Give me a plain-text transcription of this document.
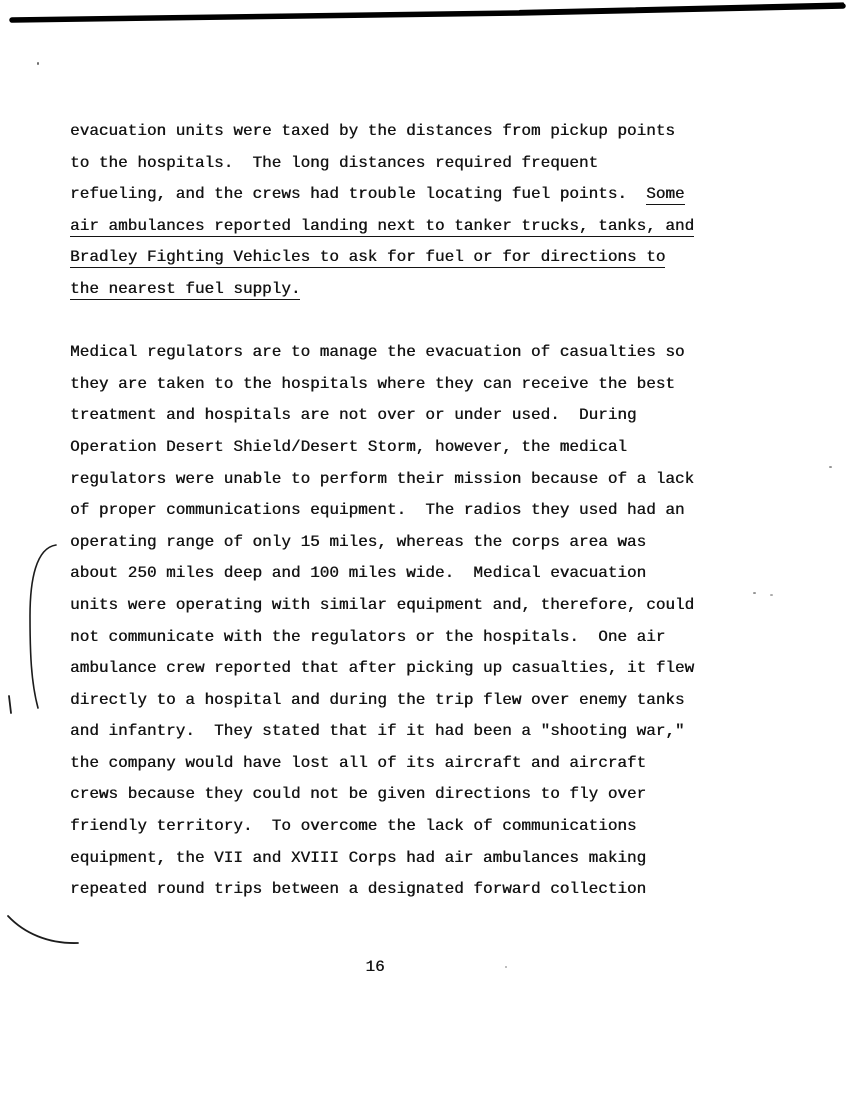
evacuation units were taxed by the distances from pickup points
to the hospitals.  The long distances required frequent
refueling, and the crews had trouble locating fuel points.  Some
air ambulances reported landing next to tanker trucks, tanks, and
Bradley Fighting Vehicles to ask for fuel or for directions to
the nearest fuel supply.
Medical regulators are to manage the evacuation of casualties so
they are taken to the hospitals where they can receive the best
treatment and hospitals are not over or under used.  During
Operation Desert Shield/Desert Storm, however, the medical
regulators were unable to perform their mission because of a lack
of proper communications equipment.  The radios they used had an
operating range of only 15 miles, whereas the corps area was
about 250 miles deep and 100 miles wide.  Medical evacuation
units were operating with similar equipment and, therefore, could
not communicate with the regulators or the hospitals.  One air
ambulance crew reported that after picking up casualties, it flew
directly to a hospital and during the trip flew over enemy tanks
and infantry.  They stated that if it had been a "shooting war,"
the company would have lost all of its aircraft and aircraft
crews because they could not be given directions to fly over
friendly territory.  To overcome the lack of communications
equipment, the VII and XVIII Corps had air ambulances making
repeated round trips between a designated forward collection
16
